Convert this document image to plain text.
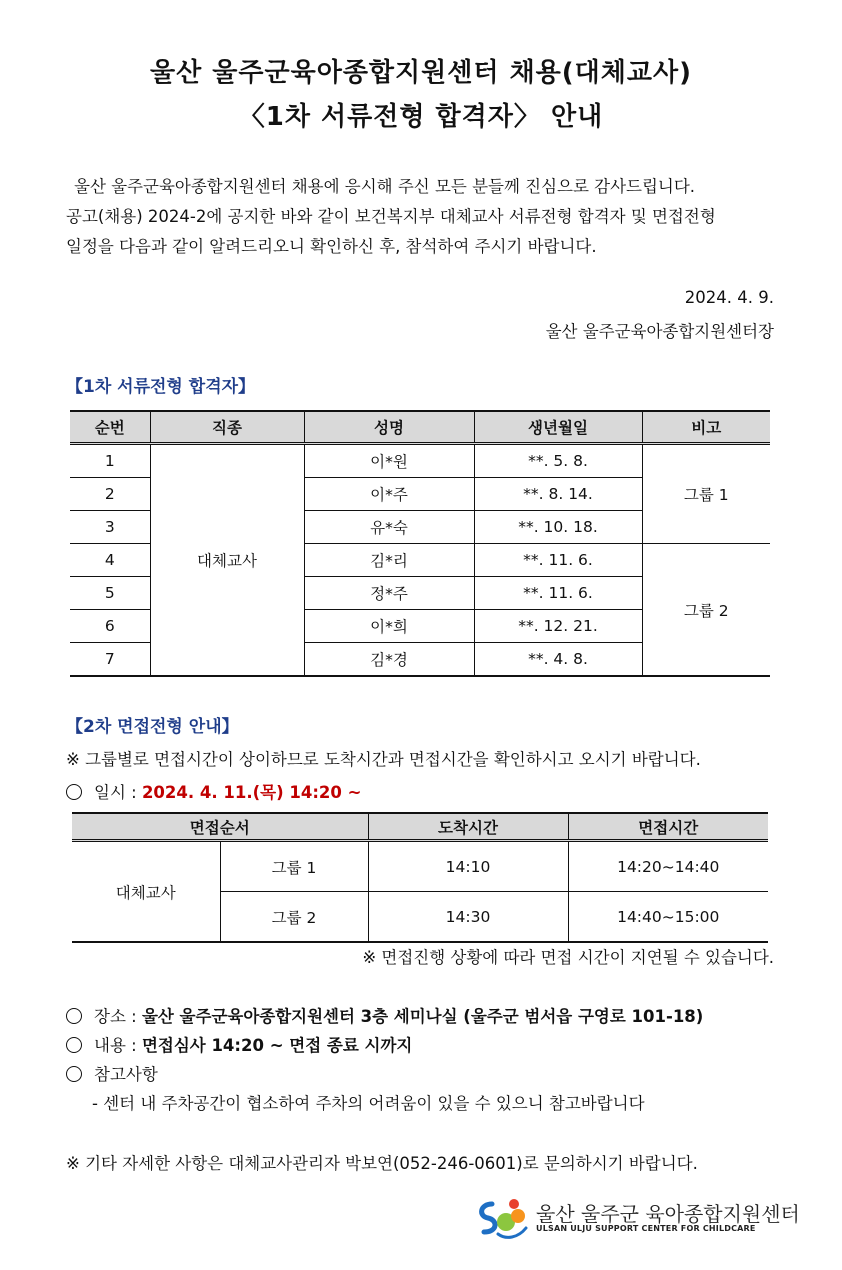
울산 울주군육아종합지원센터 채용(대체교사)
〈1차 서류전형 합격자〉 안내

울산 울주군육아종합지원센터 채용에 응시해 주신 모든 분들께 진심으로 감사드립니다.

공고(채용) 2024-2에 공지한 바와 같이 보건복지부 대체교사 서류전형 합격자 및 면접전형

일정을 다음과 같이 알려드리오니 확인하신 후, 참석하여 주시기 바랍니다.

2024. 4. 9.
울산 울주군육아종합지원센터장
【1차 서류전형 합격자】
순번	직종	성명	생년월일	비고
1	대체교사	이*원	**. 5. 8.	그룹 1
2		이*주	**. 8. 14.	
3		유*숙	**. 10. 18.	
4		김*리	**. 11. 6.	그룹 2
5		정*주	**. 11. 6.	
6		이*희	**. 12. 21.	
7		김*경	**. 4. 8.	
【2차 면접전형 안내】
※ 그룹별로 면접시간이 상이하므로 도착시간과 면접시간을 확인하시고 오시기 바랍니다.
일시 : 2024. 4. 11.(목) 14:20 ~
면접순서		도착시간	면접시간
대체교사	그룹 1	14:10	14:20~14:40
	그룹 2	14:30	14:40~15:00
※ 면접진행 상황에 따라 면접 시간이 지연될 수 있습니다.
장소 : 울산 울주군육아종합지원센터 3층 세미나실 (울주군 범서읍 구영로 101-18)
내용 : 면접심사 14:20 ~ 면접 종료 시까지
참고사항
- 센터 내 주차공간이 협소하여 주차의 어려움이 있을 수 있으니 참고바랍니다
※ 기타 자세한 사항은 대체교사관리자 박보연(052-246-0601)로 문의하시기 바랍니다.
울산 울주군 육아종합지원센터
ULSAN ULJU SUPPORT CENTER FOR CHILDCARE
